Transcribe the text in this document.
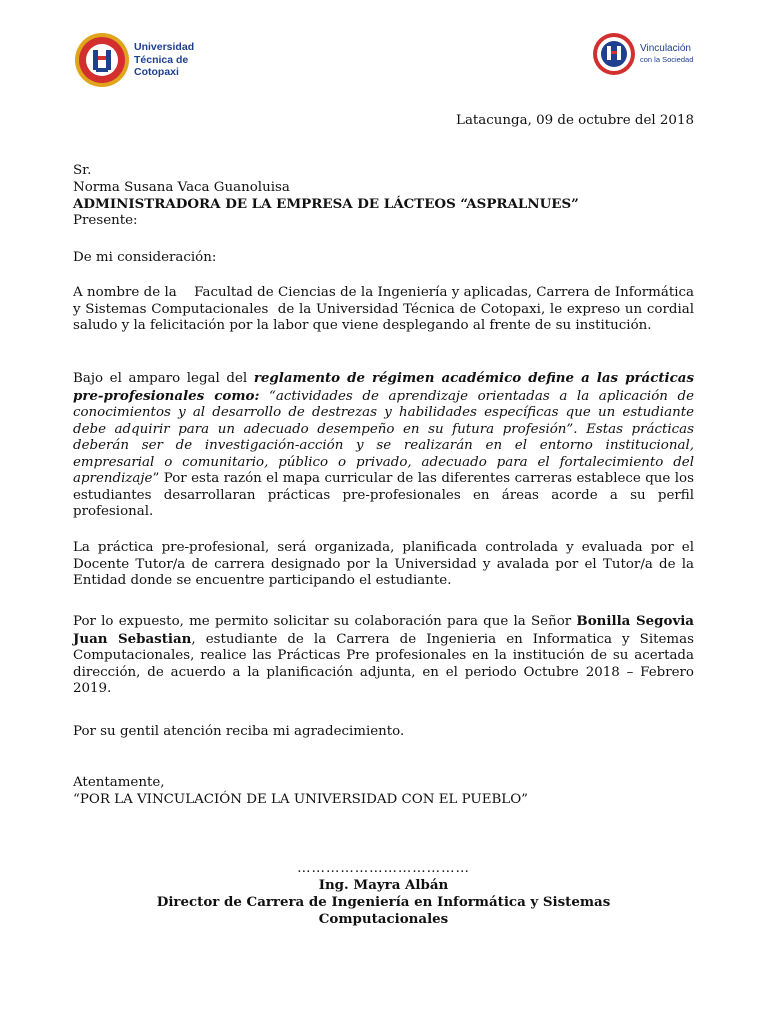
Universidad
Técnica de
Cotopaxi
Vinculación
con la Sociedad
Latacunga, 09 de octubre del 2018
Sr.
Norma Susana Vaca Guanoluisa
ADMINISTRADORA DE LA EMPRESA DE LÁCTEOS “ASPRALNUES”
Presente:
De mi consideración:
A nombre de la    Facultad de Ciencias de la Ingeniería y aplicadas, Carrera de Informática y Sistemas Computacionales  de la Universidad Técnica de Cotopaxi, le expreso un cordial saludo y la felicitación por la labor que viene desplegando al frente de su institución.
Bajo el amparo legal del reglamento de régimen académico define a las prácticas pre-profesionales como: “actividades de aprendizaje orientadas a la aplicación de conocimientos y al desarrollo de destrezas y habilidades específicas que un estudiante debe adquirir para un adecuado desempeño en su futura profesión”. Estas prácticas deberán ser de investigación-acción y se realizarán en el entorno institucional, empresarial o comunitario, público o privado, adecuado para el fortalecimiento del aprendizaje” Por esta razón el mapa curricular de las diferentes carreras establece que los estudiantes desarrollaran prácticas pre-profesionales en áreas acorde a su perfil profesional.
La práctica pre-profesional, será organizada, planificada controlada y evaluada por el Docente Tutor/a de carrera designado por la Universidad y avalada por el Tutor/a de la Entidad donde se encuentre participando el estudiante.
Por lo expuesto, me permito solicitar su colaboración para que la Señor Bonilla Segovia Juan Sebastian, estudiante de la Carrera de Ingenieria en Informatica y Sitemas Computacionales, realice las Prácticas Pre profesionales en la institución de su acertada dirección, de acuerdo a la planificación adjunta, en el periodo Octubre 2018 – Febrero 2019.
Por su gentil atención reciba mi agradecimiento.
Atentamente,
“POR LA VINCULACIÓN DE LA UNIVERSIDAD CON EL PUEBLO”
………………………………
Ing. Mayra Albán
Director de Carrera de Ingeniería en Informática y Sistemas
Computacionales
